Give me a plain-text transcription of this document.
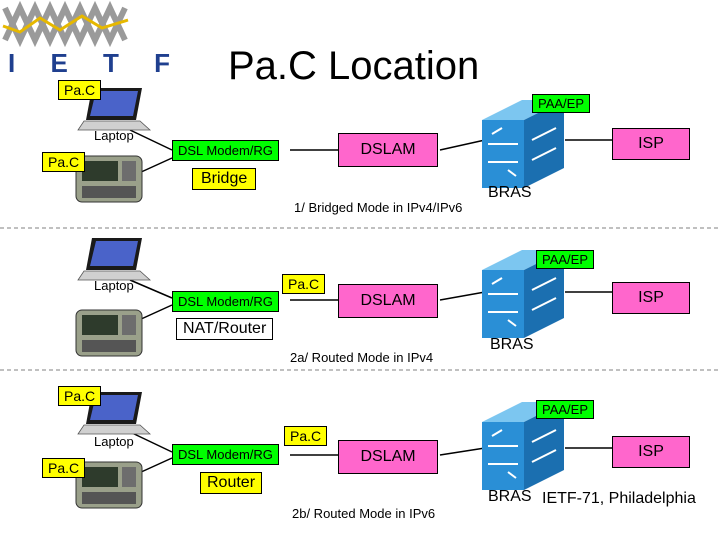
I E T F Pa.C Location
Pa.C
Pa.C
Laptop
DSL Modem/RG
Bridge
DSLAM	ISP
PAA/EP
BRAS
1/ Bridged Mode in IPv4/IPv6
Laptop	Pa.C
DSL Modem/RG
NAT/Router
DSLAM	ISP
PAA/EP
BRAS
2a/ Routed Mode in IPv4
Pa.C
Pa.C
Laptop	Pa.C
DSL Modem/RG
Router
DSLAM	ISP
PAA/EP
BRAS
2b/ Routed Mode in IPv6
IETF-71, Philadelphia
